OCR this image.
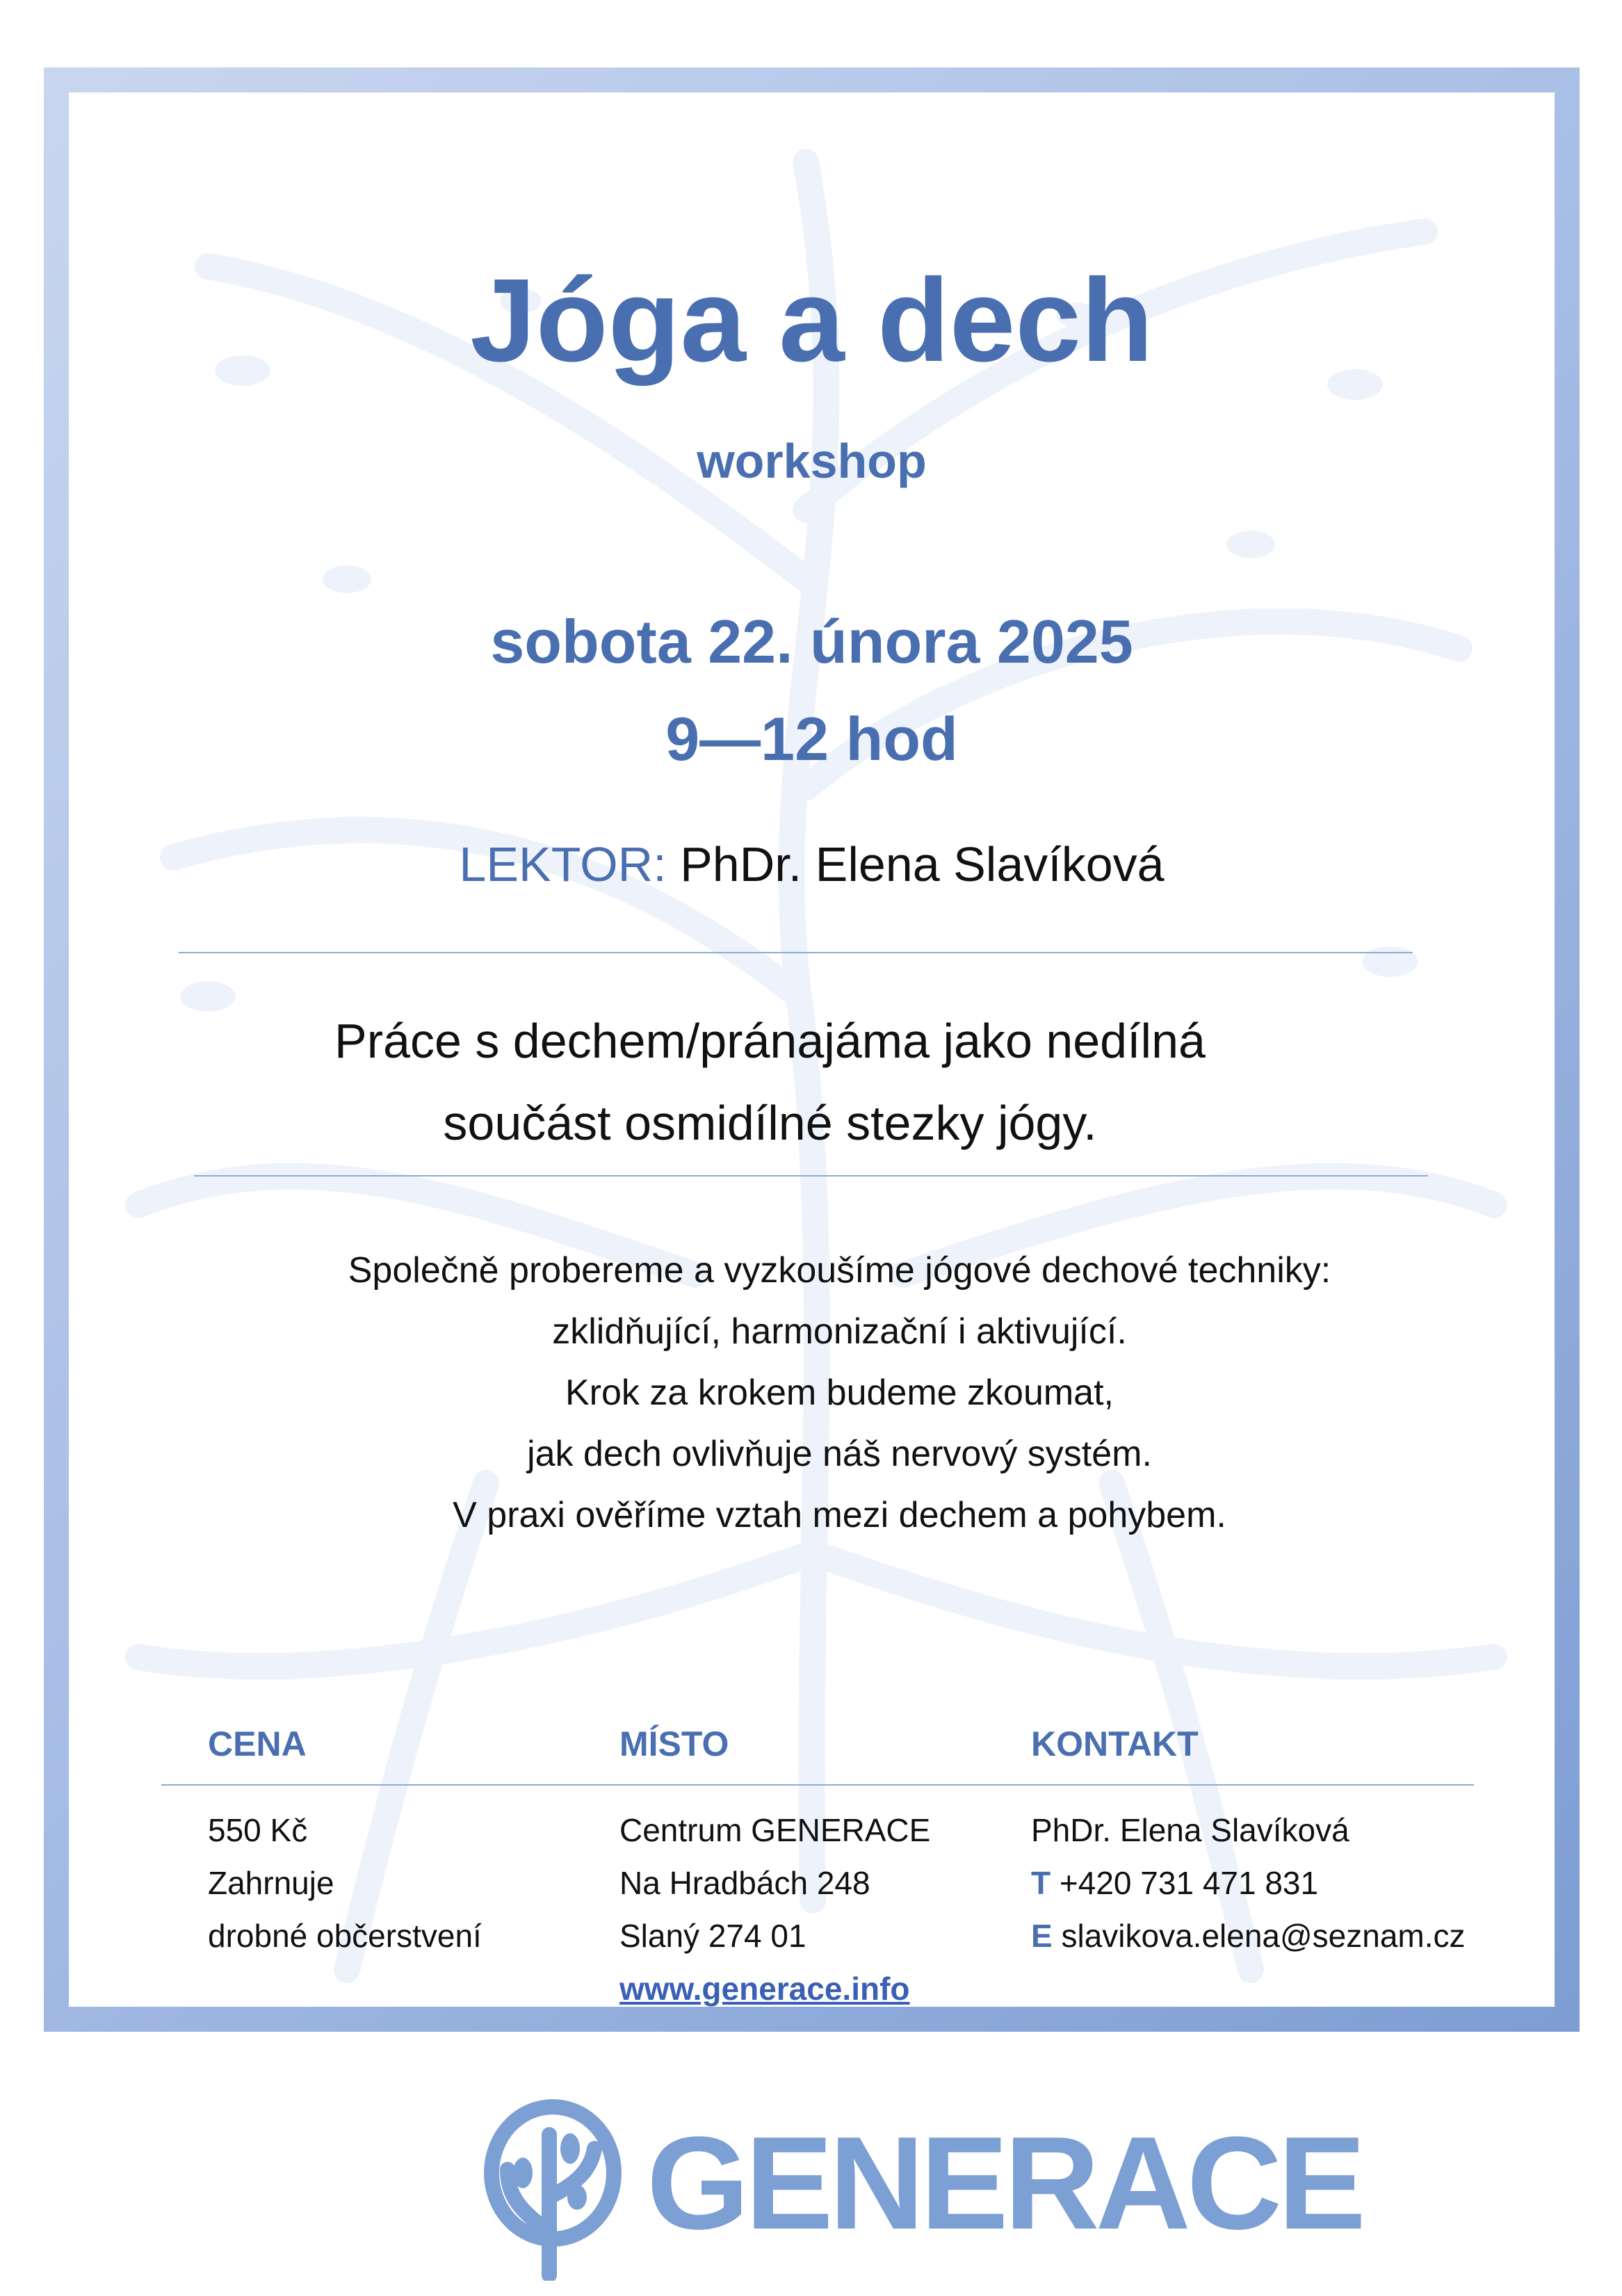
Jóga a dech
workshop
sobota 22. února 2025
9—12 hod
LEKTOR: PhDr. Elena Slavíková
Práce s dechem/pránajáma jako nedílná
součást osmidílné stezky jógy.
Společně probereme a vyzkoušíme jógové dechové techniky:
zklidňující, harmonizační i aktivující.
Krok za krokem budeme zkoumat,
jak dech ovlivňuje náš nervový systém.
V praxi ověříme vztah mezi dechem a pohybem.
CENA
550 Kč
Zahrnuje
drobné občerstvení
MÍSTO
Centrum GENERACE
Na Hradbách 248
Slaný 274 01
www.generace.info
KONTAKT
PhDr. Elena Slavíková
T +420 731 471 831
E slavikova.elena@seznam.cz
GENERACE
